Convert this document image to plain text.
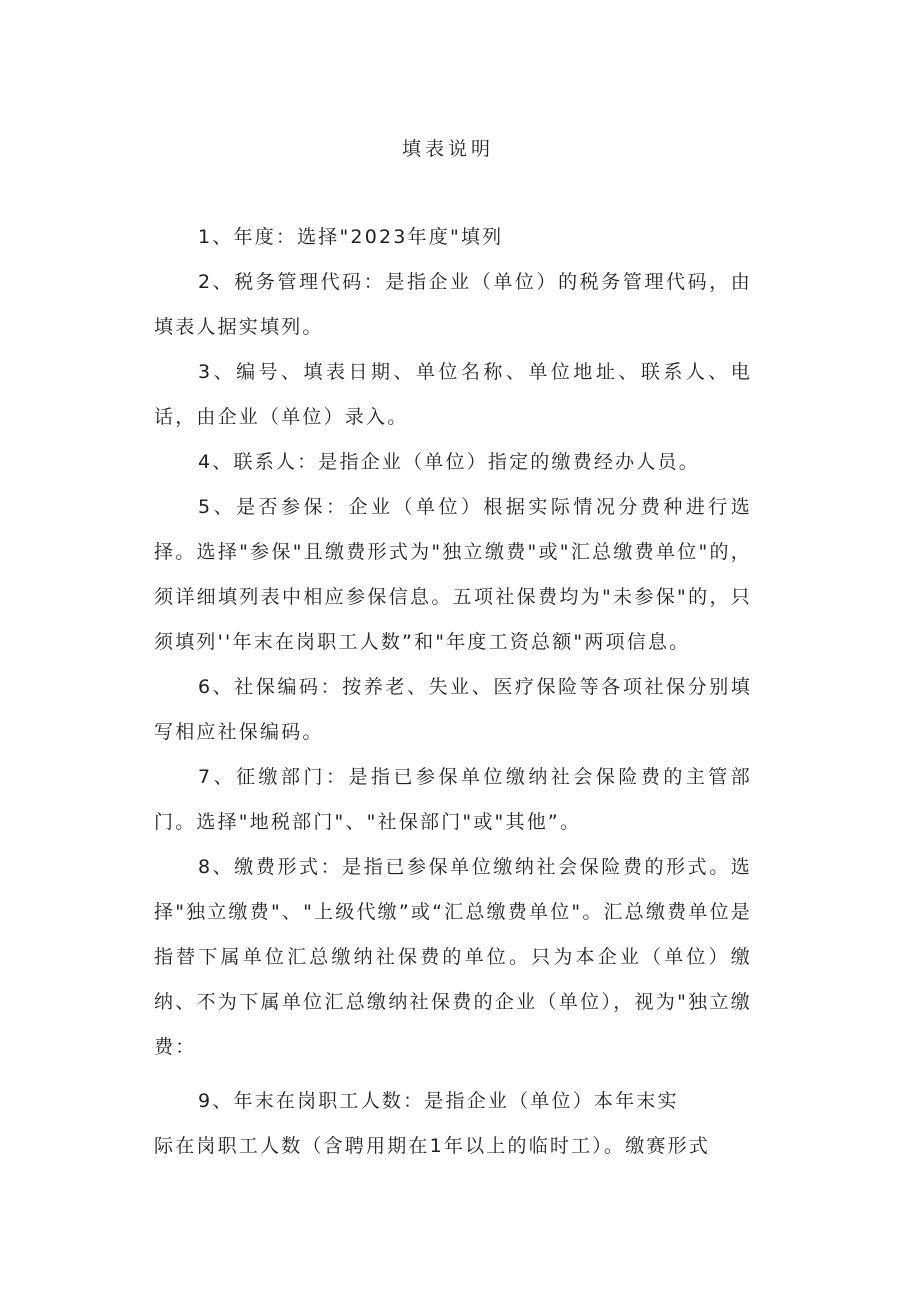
填表说明

1、年度：选择"2023年度"填列

2、税务管理代码：是指企业（单位）的税务管理代码，由填表人据实填列。

3、编号、填表日期、单位名称、单位地址、联系人、电话，由企业（单位）录入。

4、联系人：是指企业（单位）指定的缴费经办人员。

5、是否参保：企业（单位）根据实际情况分费种进行选择。选择"参保"且缴费形式为"独立缴费"或"汇总缴费单位"的，须详细填列表中相应参保信息。五项社保费均为"未参保"的，只须填列''年末在岗职工人数”和"年度工资总额"两项信息。

6、社保编码：按养老、失业、医疗保险等各项社保分别填写相应社保编码。

7、征缴部门：是指已参保单位缴纳社会保险费的主管部门。选择"地税部门"、"社保部门"或"其他”。

8、缴费形式：是指已参保单位缴纳社会保险费的形式。选择"独立缴费"、"上级代缴”或“汇总缴费单位"。汇总缴费单位是指替下属单位汇总缴纳社保费的单位。只为本企业（单位）缴纳、不为下属单位汇总缴纳社保费的企业（单位），视为"独立缴费：

9、年末在岗职工人数：是指企业（单位）本年末实

际在岗职工人数（含聘用期在1年以上的临时工）。缴赛形式
